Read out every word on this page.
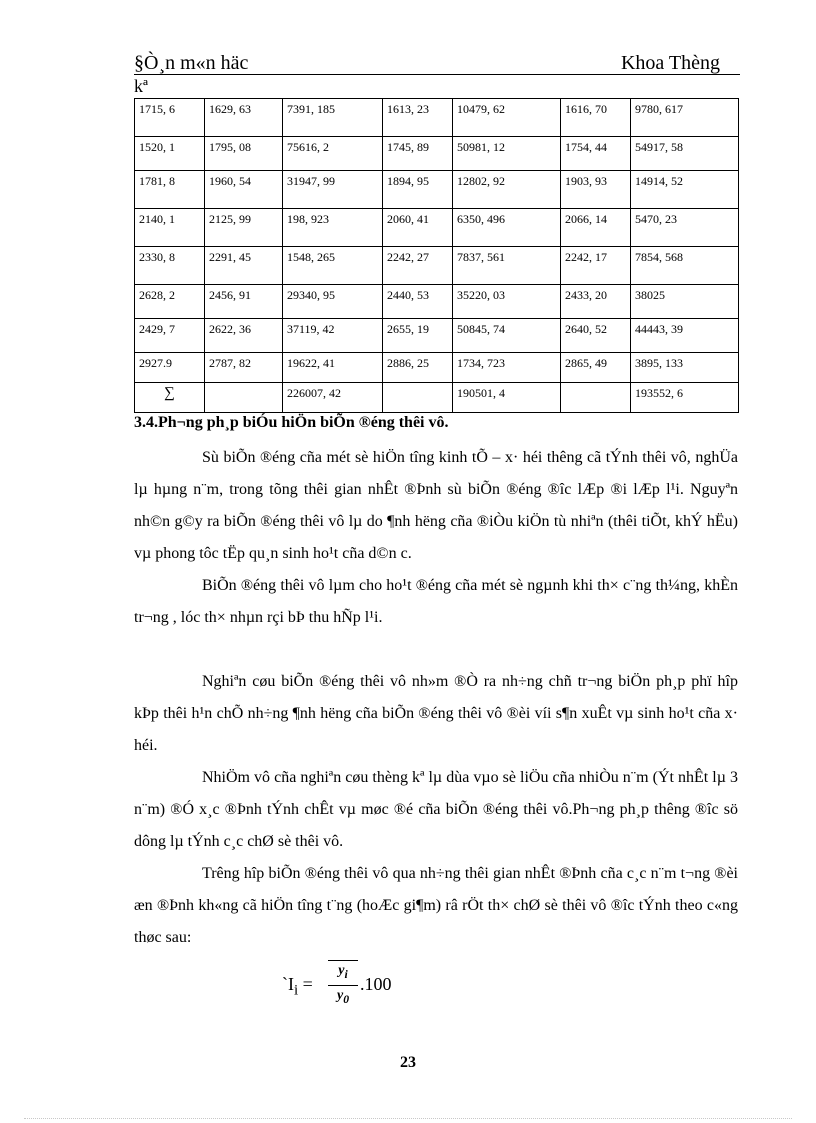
§Ò¸n m«n häc	Khoa Thèng
kª
1715, 6	1629, 63	7391, 185	1613, 23	10479, 62	1616, 70	9780, 617
1520, 1	1795, 08	75616, 2	1745, 89	50981, 12	1754, 44	54917, 58
1781, 8	1960, 54	31947, 99	1894, 95	12802, 92	1903, 93	14914, 52
2140, 1	2125, 99	198, 923	2060, 41	6350, 496	2066, 14	5470, 23
2330, 8	2291, 45	1548, 265	2242, 27	7837, 561	2242, 17	7854, 568
2628, 2	2456, 91	29340, 95	2440, 53	35220, 03	2433, 20	38025
2429, 7	2622, 36	37119, 42	2655, 19	50845, 74	2640, 52	44443, 39
2927.9	2787, 82	19622, 41	2886, 25	1734, 723	2865, 49	3895, 133
∑		226007, 42		190501, 4		193552, 6
3.4.Ph¬ng ph¸p biÓu hiÖn biÕn ®éng thêi vô.

Sù biÕn ®éng cña mét sè hiÖn tîng kinh tÕ – x· héi thêng cã tÝnh thêi vô, nghÜa lµ hµng n¨m, trong tõng thêi gian nhÊt ®Þnh sù biÕn ®éng ®îc lÆp ®i lÆp l¹i. Nguyªn nh©n g©y ra biÕn ®éng thêi vô lµ do ¶nh hëng cña ®iÒu kiÖn tù nhiªn (thêi tiÕt, khÝ hËu) vµ phong tôc tËp qu¸n sinh ho¹t cña d©n c.

BiÕn ®éng thêi vô lµm cho ho¹t ®éng cña mét sè ngµnh khi th× c¨ng th¼ng, khÈn tr¬ng , lóc th× nhµn rçi bÞ thu hÑp l¹i.

Nghiªn cøu biÕn ®éng thêi vô nh»m ®Ò ra nh÷ng chñ tr¬ng biÖn ph¸p phï hîp kÞp thêi h¹n chÕ nh÷ng ¶nh hëng cña biÕn ®éng thêi vô ®èi víi s¶n xuÊt vµ sinh ho¹t cña x· héi.

NhiÖm vô cña nghiªn cøu thèng kª lµ dùa vµo sè liÖu cña nhiÒu n¨m (Ýt nhÊt lµ 3 n¨m) ®Ó x¸c ®Þnh tÝnh chÊt vµ møc ®é cña biÕn ®éng thêi vô.Ph¬ng ph¸p thêng ®îc sö dông lµ tÝnh c¸c chØ sè thêi vô.

Trêng hîp biÕn ®éng thêi vô qua nh÷ng thêi gian nhÊt ®Þnh cña c¸c n¨m t¬ng ®èi æn ®Þnh kh«ng cã hiÖn tîng t¨ng (hoÆc gi¶m) râ rÖt th× chØ sè thêi vô ®îc tÝnh theo c«ng thøc sau:

$`I_i$ =
$y_i$
$y_0$
.100
23
